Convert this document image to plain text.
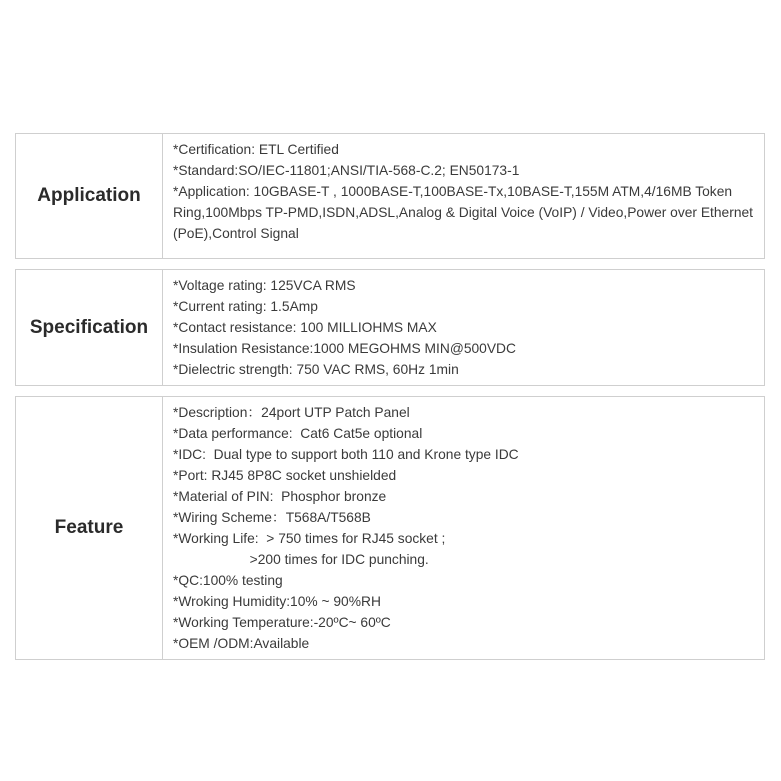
Application
*Certification: ETL Certified
*Standard:SO/IEC-11801;ANSI/TIA-568-C.2; EN50173-1
*Application: 10GBASE-T , 1000BASE-T,100BASE-Tx,10BASE-T,155M ATM,4/16MB Token Ring,100Mbps TP-PMD,ISDN,ADSL,Analog & Digital Voice (VoIP) / Video,Power over Ethernet (PoE),Control Signal
Specification
*Voltage rating: 125VCA RMS
*Current rating: 1.5Amp
*Contact resistance: 100 MILLIOHMS MAX
*Insulation Resistance:1000 MEGOHMS MIN@500VDC
*Dielectric strength: 750 VAC RMS, 60Hz 1min
Feature
*Description：24port UTP Patch Panel
*Data performance:  Cat6 Cat5e optional
*IDC:  Dual type to support both 110 and Krone type IDC
*Port: RJ45 8P8C socket unshielded
*Material of PIN:  Phosphor bronze
*Wiring Scheme：T568A/T568B
*Working Life:  > 750 times for RJ45 socket ;
>200 times for IDC punching.
*QC:100% testing
*Wroking Humidity:10% ~ 90%RH
*Working Temperature:-20ºC~ 60ºC
*OEM /ODM:Available
